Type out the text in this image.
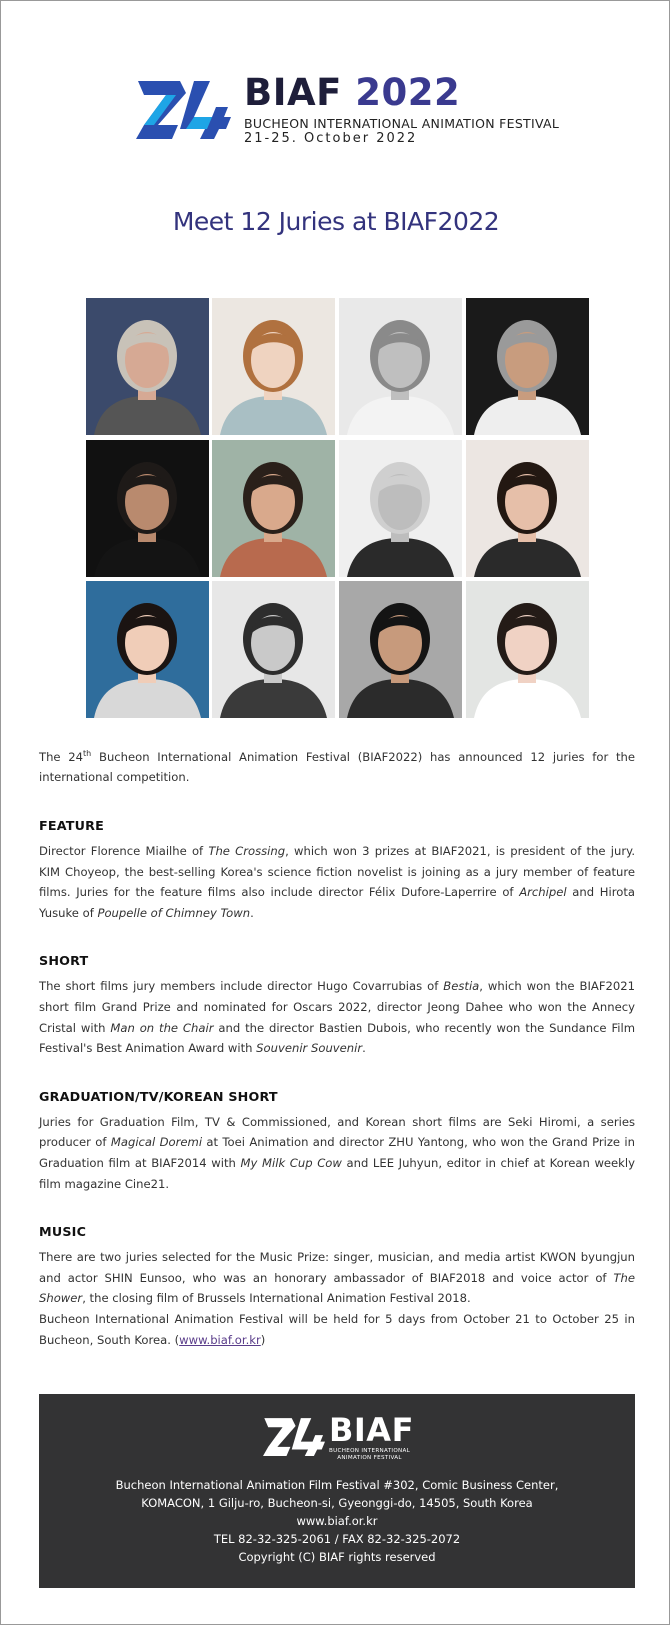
BIAF 2022
BUCHEON INTERNATIONAL ANIMATION FESTIVAL
21-25. October 2022
Meet 12 Juries at BIAF2022

The 24th Bucheon International Animation Festival (BIAF2022) has announced 12 juries for the international competition.

FEATURE

Director Florence Miailhe of The Crossing, which won 3 prizes at BIAF2021, is president of the jury. KIM Choyeop, the best-selling Korea's science fiction novelist is joining as a jury member of feature films. Juries for the feature films also include director Félix Dufore-Laperrire of Archipel and Hirota Yusuke of Poupelle of Chimney Town.

SHORT

The short films jury members include director Hugo Covarrubias of Bestia, which won the BIAF2021 short film Grand Prize and nominated for Oscars 2022, director Jeong Dahee who won the Annecy Cristal with Man on the Chair and the director Bastien Dubois, who recently won the Sundance Film Festival's Best Animation Award with Souvenir Souvenir.

GRADUATION/TV/KOREAN SHORT

Juries for Graduation Film, TV & Commissioned, and Korean short films are Seki Hiromi, a series producer of Magical Doremi at Toei Animation and director ZHU Yantong, who won the Grand Prize in Graduation film at BIAF2014 with My Milk Cup Cow and LEE Juhyun, editor in chief at Korean weekly film magazine Cine21.

MUSIC

There are two juries selected for the Music Prize: singer, musician, and media artist KWON byungjun and actor SHIN Eunsoo, who was an honorary ambassador of BIAF2018 and voice actor of The Shower, the closing film of Brussels International Animation Festival 2018.

Bucheon International Animation Festival will be held for 5 days from October 21 to October 25 in Bucheon, South Korea. (www.biaf.or.kr)

BIAF
BUCHEON INTERNATIONAL
ANIMATION FESTIVAL
Bucheon International Animation Film Festival #302, Comic Business Center,
KOMACON, 1 Gilju-ro, Bucheon-si, Gyeonggi-do, 14505, South Korea
www.biaf.or.kr
TEL 82-32-325-2061 / FAX 82-32-325-2072
Copyright (C) BIAF rights reserved
